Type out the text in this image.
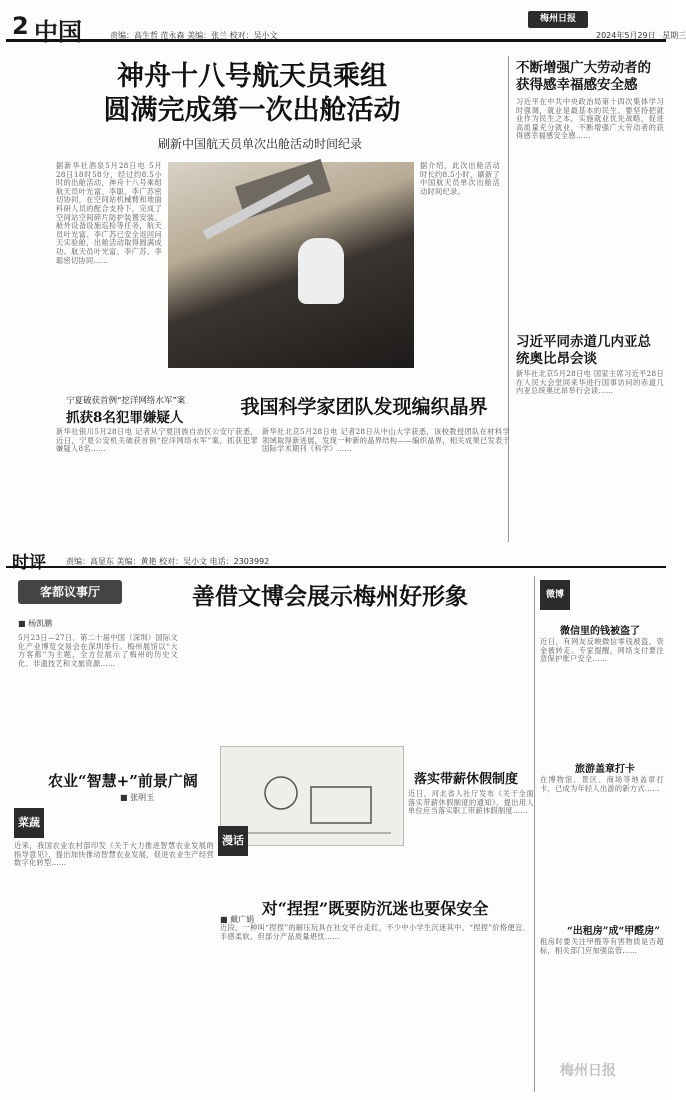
2 中国	责编：高生哲 范永森 美编：张兰 校对：吴小文
梅州日报
2024年5月29日 星期三
神舟十八号航天员乘组
圆满完成第一次出舱活动
刷新中国航天员单次出舱活动时间纪录
据新华社酒泉5月28日电 5月28日18时58分，经过约8.5小时的出舱活动，神舟十八号乘组航天员叶光富、李聪、李广苏密切协同，在空间站机械臂和地面科研人员的配合支持下，完成了空间站空间碎片防护装置安装、舱外设备设施巡检等任务，航天员叶光富、李广苏已安全返回问天实验舱，出舱活动取得圆满成功。航天员叶光富、李广苏、李聪密切协同……
据介绍，此次出舱活动时长约8.5小时，刷新了中国航天员单次出舱活动时间纪录。
不断增强广大劳动者的获得感幸福感安全感
习近平在中共中央政治局第十四次集体学习时强调，就业是最基本的民生。要坚持把就业作为民生之本，实施就业优先战略，促进高质量充分就业，不断增强广大劳动者的获得感幸福感安全感……
习近平同赤道几内亚总统奥比昂会谈
新华社北京5月28日电 国家主席习近平28日在人民大会堂同来华进行国事访问的赤道几内亚总统奥比昂举行会谈……
宁夏破获首例“挖洋网络水军”案
抓获8名犯罪嫌疑人
新华社银川5月28日电 记者从宁夏回族自治区公安厅获悉，近日，宁夏公安机关破获首例“挖洋网络水军”案，抓获犯罪嫌疑人8名……
我国科学家团队发现编织晶界
新华社北京5月28日电 记者28日从中山大学获悉，该校教授团队在材料学领域取得新进展，发现一种新的晶界结构——编织晶界，相关成果已发表于国际学术期刊《科学》……
时评	责编：高显东 美编：黄艳 校对：吴小文 电话：2303992
客都议事厅	善借文博会展示梅州好形象
■ 杨凯鹏
5月23日—27日，第二十届中国（深圳）国际文化产业博览交易会在深圳举行。梅州展馆以“大方客都”为主题，全方位展示了梅州的历史文化、非遗技艺和文旅资源……
农业“智慧+”前景广阔
■ 张明玉
菜蔬
近来，我国农业农村部印发《关于大力推进智慧农业发展的指导意见》，提出加快推动智慧农业发展，促进农业生产经营数字化转型……
漫话
落实带薪休假制度
近日，河北省人社厅发布《关于全面落实带薪休假制度的通知》，提出用人单位应当落实职工带薪休假制度……
对“捏捏”既要防沉迷也要保安全
■ 戴广娟
近段，一种叫“捏捏”的解压玩具在社交平台走红，不少中小学生沉迷其中。“捏捏”价格便宜、手感柔软，但部分产品质量堪忧……
微博
微信里的钱被盗了
近日，有网友反映微信零钱被盗，资金被转走。专家提醒，网络支付要注意保护账户安全……
旅游盖章打卡
在博物馆、景区、商场等地盖章打卡，已成为年轻人出游的新方式……
“出租房”成“甲醛房”
租房时要关注甲醛等有害物质是否超标，相关部门应加强监管……
梅州日报
